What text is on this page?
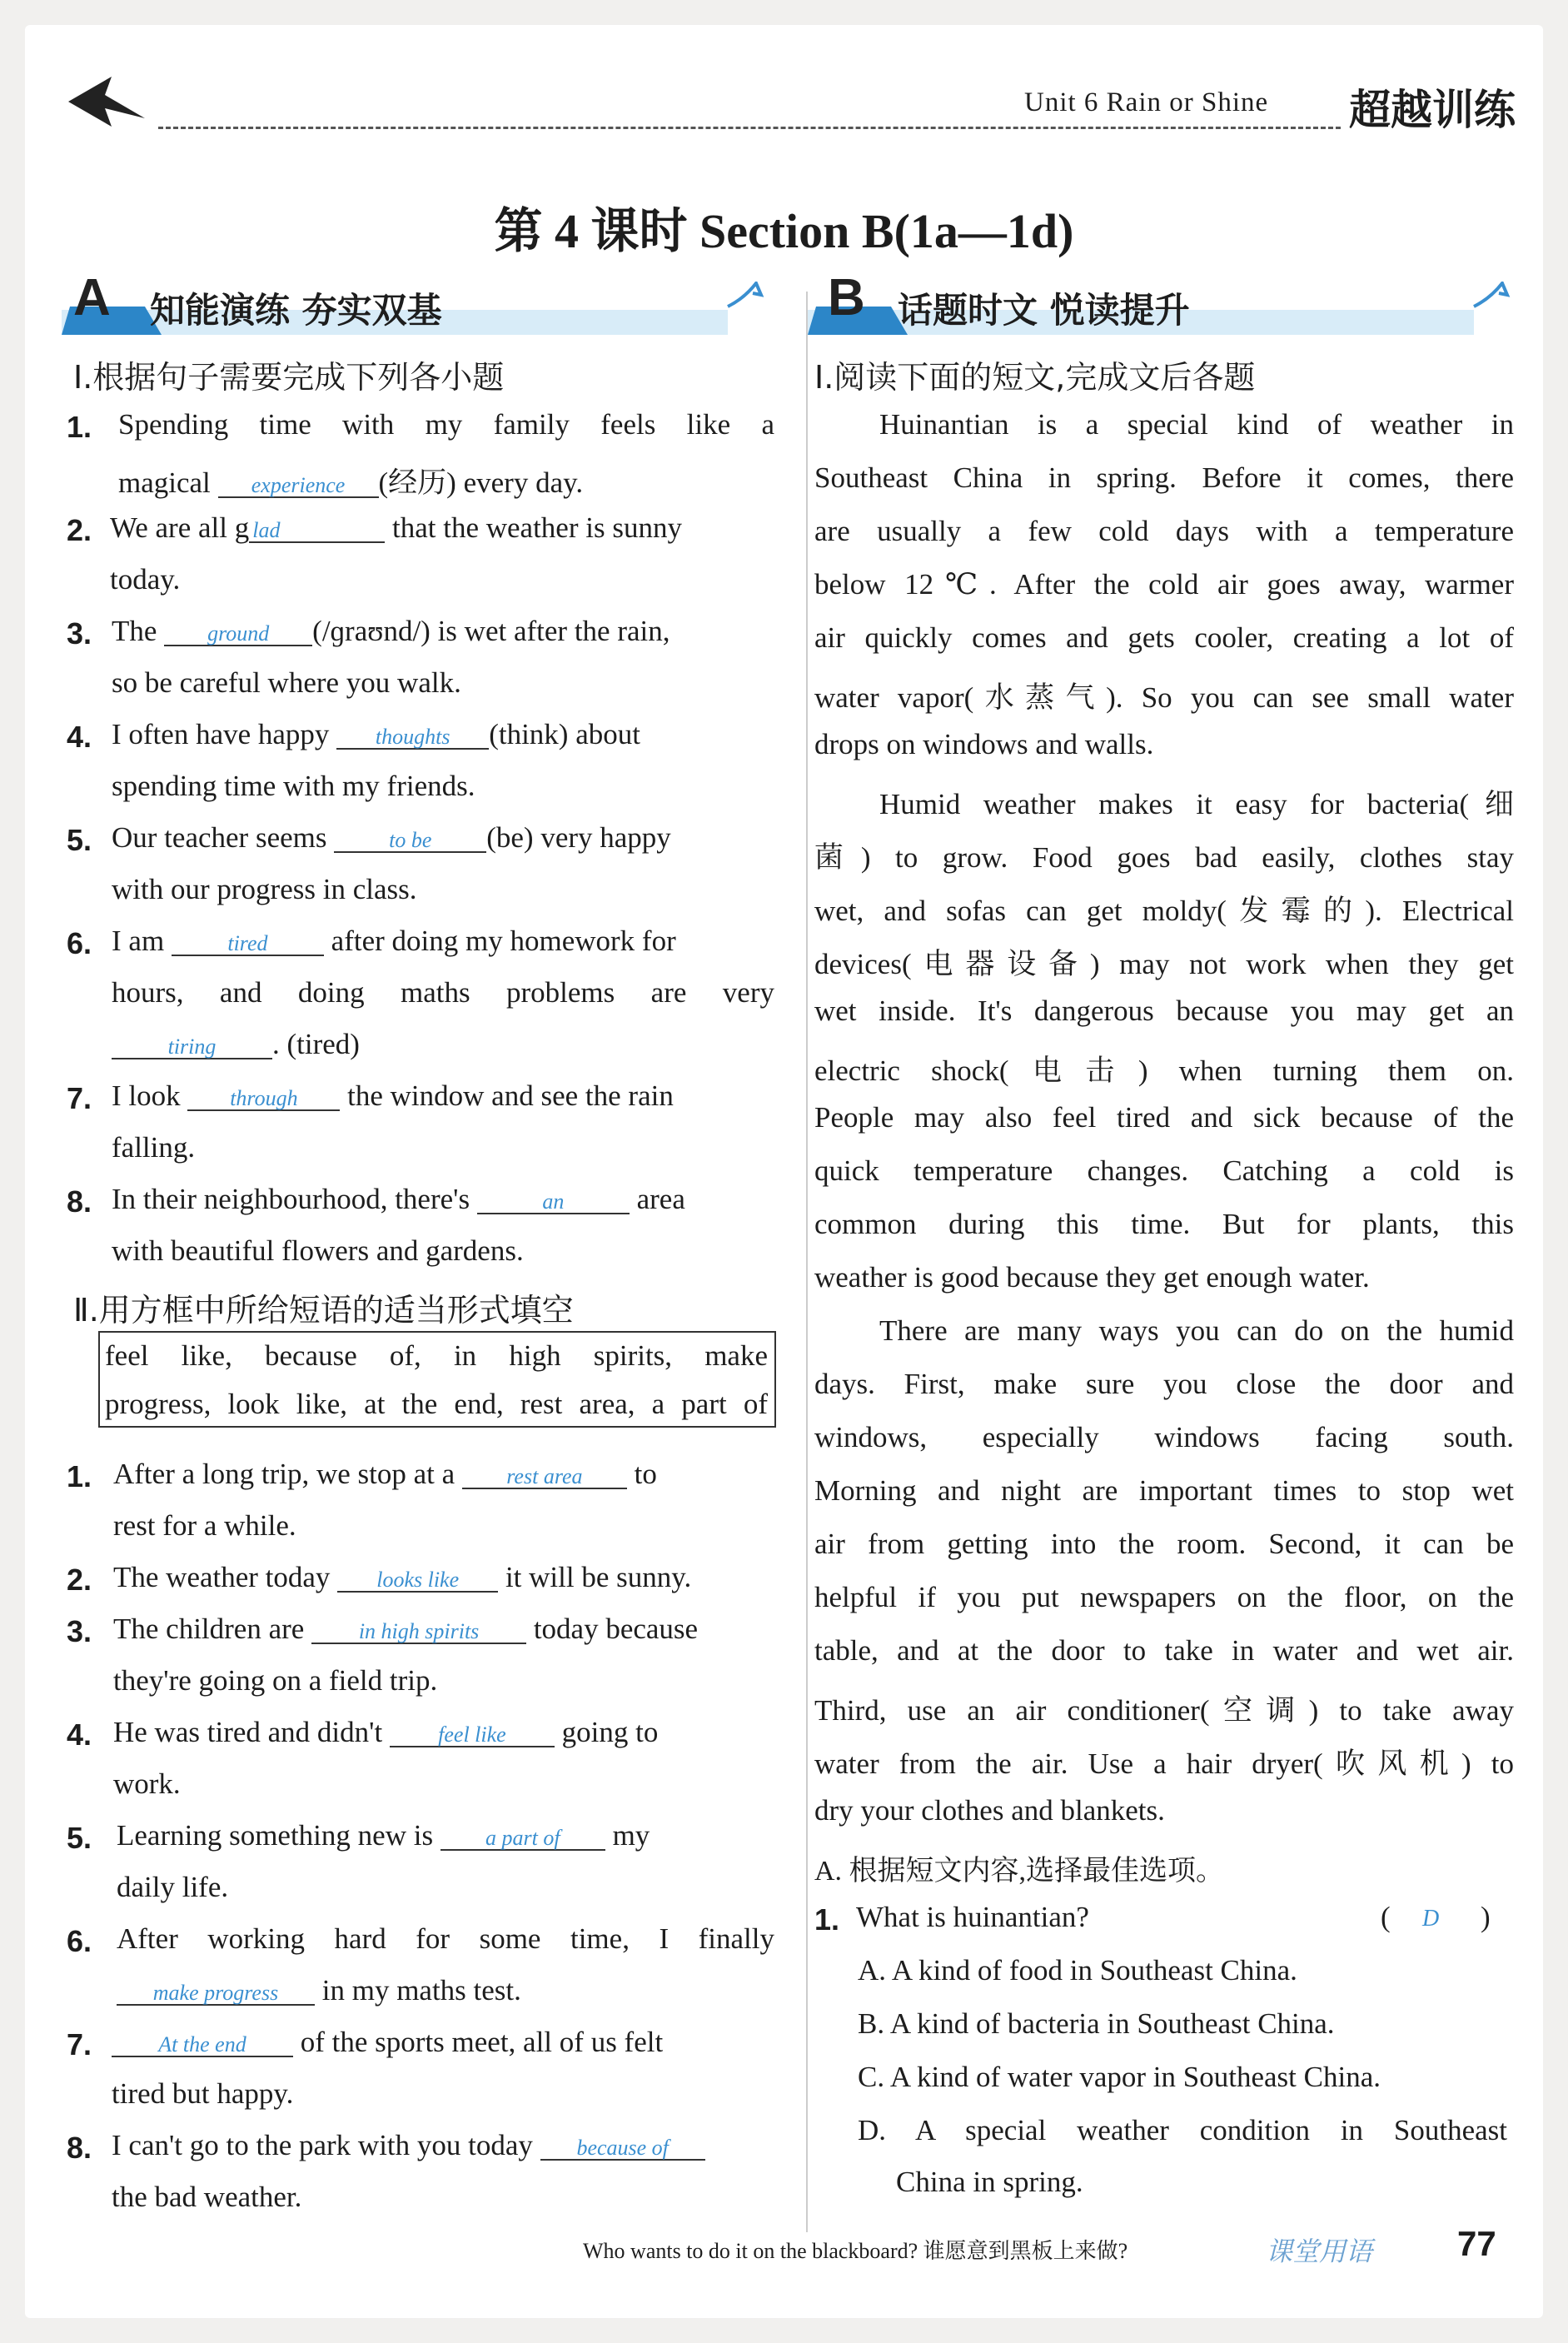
Unit 6 Rain or Shine 超越训练
第 4 课时 Section B(1a—1d)
A 知能演练 夯实双基	B 话题时文 悦读提升
Ⅰ.根据句子需要完成下列各小题
1. Spending time with my family feels like a
magical experience (经历) every day.
2. We are all g lad	that the weather is sunny
today.
3. The ground (/ɡraʊnd/) is wet after the rain,
so be careful where you walk.
4. I often have happy thoughts (think) about
spending time with my friends.
5. Our teacher seems	to be (be) very happy
with our progress in class.
6. I am	tired after doing my homework for
hours, and doing maths problems are very
tiring . (tired)
7. I look through the window and see the rain
falling.
8. In their neighbourhood, there's	an area
with beautiful flowers and gardens.
Ⅱ.用方框中所给短语的适当形式填空
feel like, because of, in high spirits, make
progress, look like, at the end, rest area, a part of
1. After a long trip, we stop at a rest area to
rest for a while.
2. The weather today looks like it will be sunny.
3. The children are in high spirits today because
they're going on a field trip.
4. He was tired and didn't feel like going to
work.
5. Learning something new is a part of my
daily life.
6. After working hard for some time, I finally
make progress in my maths test.
7.	At the end of the sports meet, all of us felt
tired but happy.
8. I can't go to the park with you today because of
the bad weather.
Ⅰ.阅读下面的短文,完成文后各题
Huinantian is a special kind of weather in
Southeast China in spring. Before it comes, there
are usually a few cold days with a temperature
below 12℃. After the cold air goes away, warmer
air quickly comes and gets cooler, creating a lot of
water vapor(水蒸气). So you can see small water
drops on windows and walls.
Humid weather makes it easy for bacteria(细
菌) to grow. Food goes bad easily, clothes stay
wet, and sofas can get moldy(发霉的). Electrical
devices(电器设备) may not work when they get
wet inside. It's dangerous because you may get an
electric shock(电击) when turning them on.
People may also feel tired and sick because of the
quick temperature changes. Catching a cold is
common during this time. But for plants, this
weather is good because they get enough water.
There are many ways you can do on the humid
days. First, make sure you close the door and
windows, especially windows facing south.
Morning and night are important times to stop wet
air from getting into the room. Second, it can be
helpful if you put newspapers on the floor, on the
table, and at the door to take in water and wet air.
Third, use an air conditioner(空调) to take away
water from the air. Use a hair dryer(吹风机) to
dry your clothes and blankets.
A. 根据短文内容,选择最佳选项。
1. What is huinantian?	( D )
A. A kind of food in Southeast China.
B. A kind of bacteria in Southeast China.
C. A kind of water vapor in Southeast China.
D. A special weather condition in Southeast
China in spring.
Who wants to do it on the blackboard? 谁愿意到黑板上来做?	课堂用语 77
